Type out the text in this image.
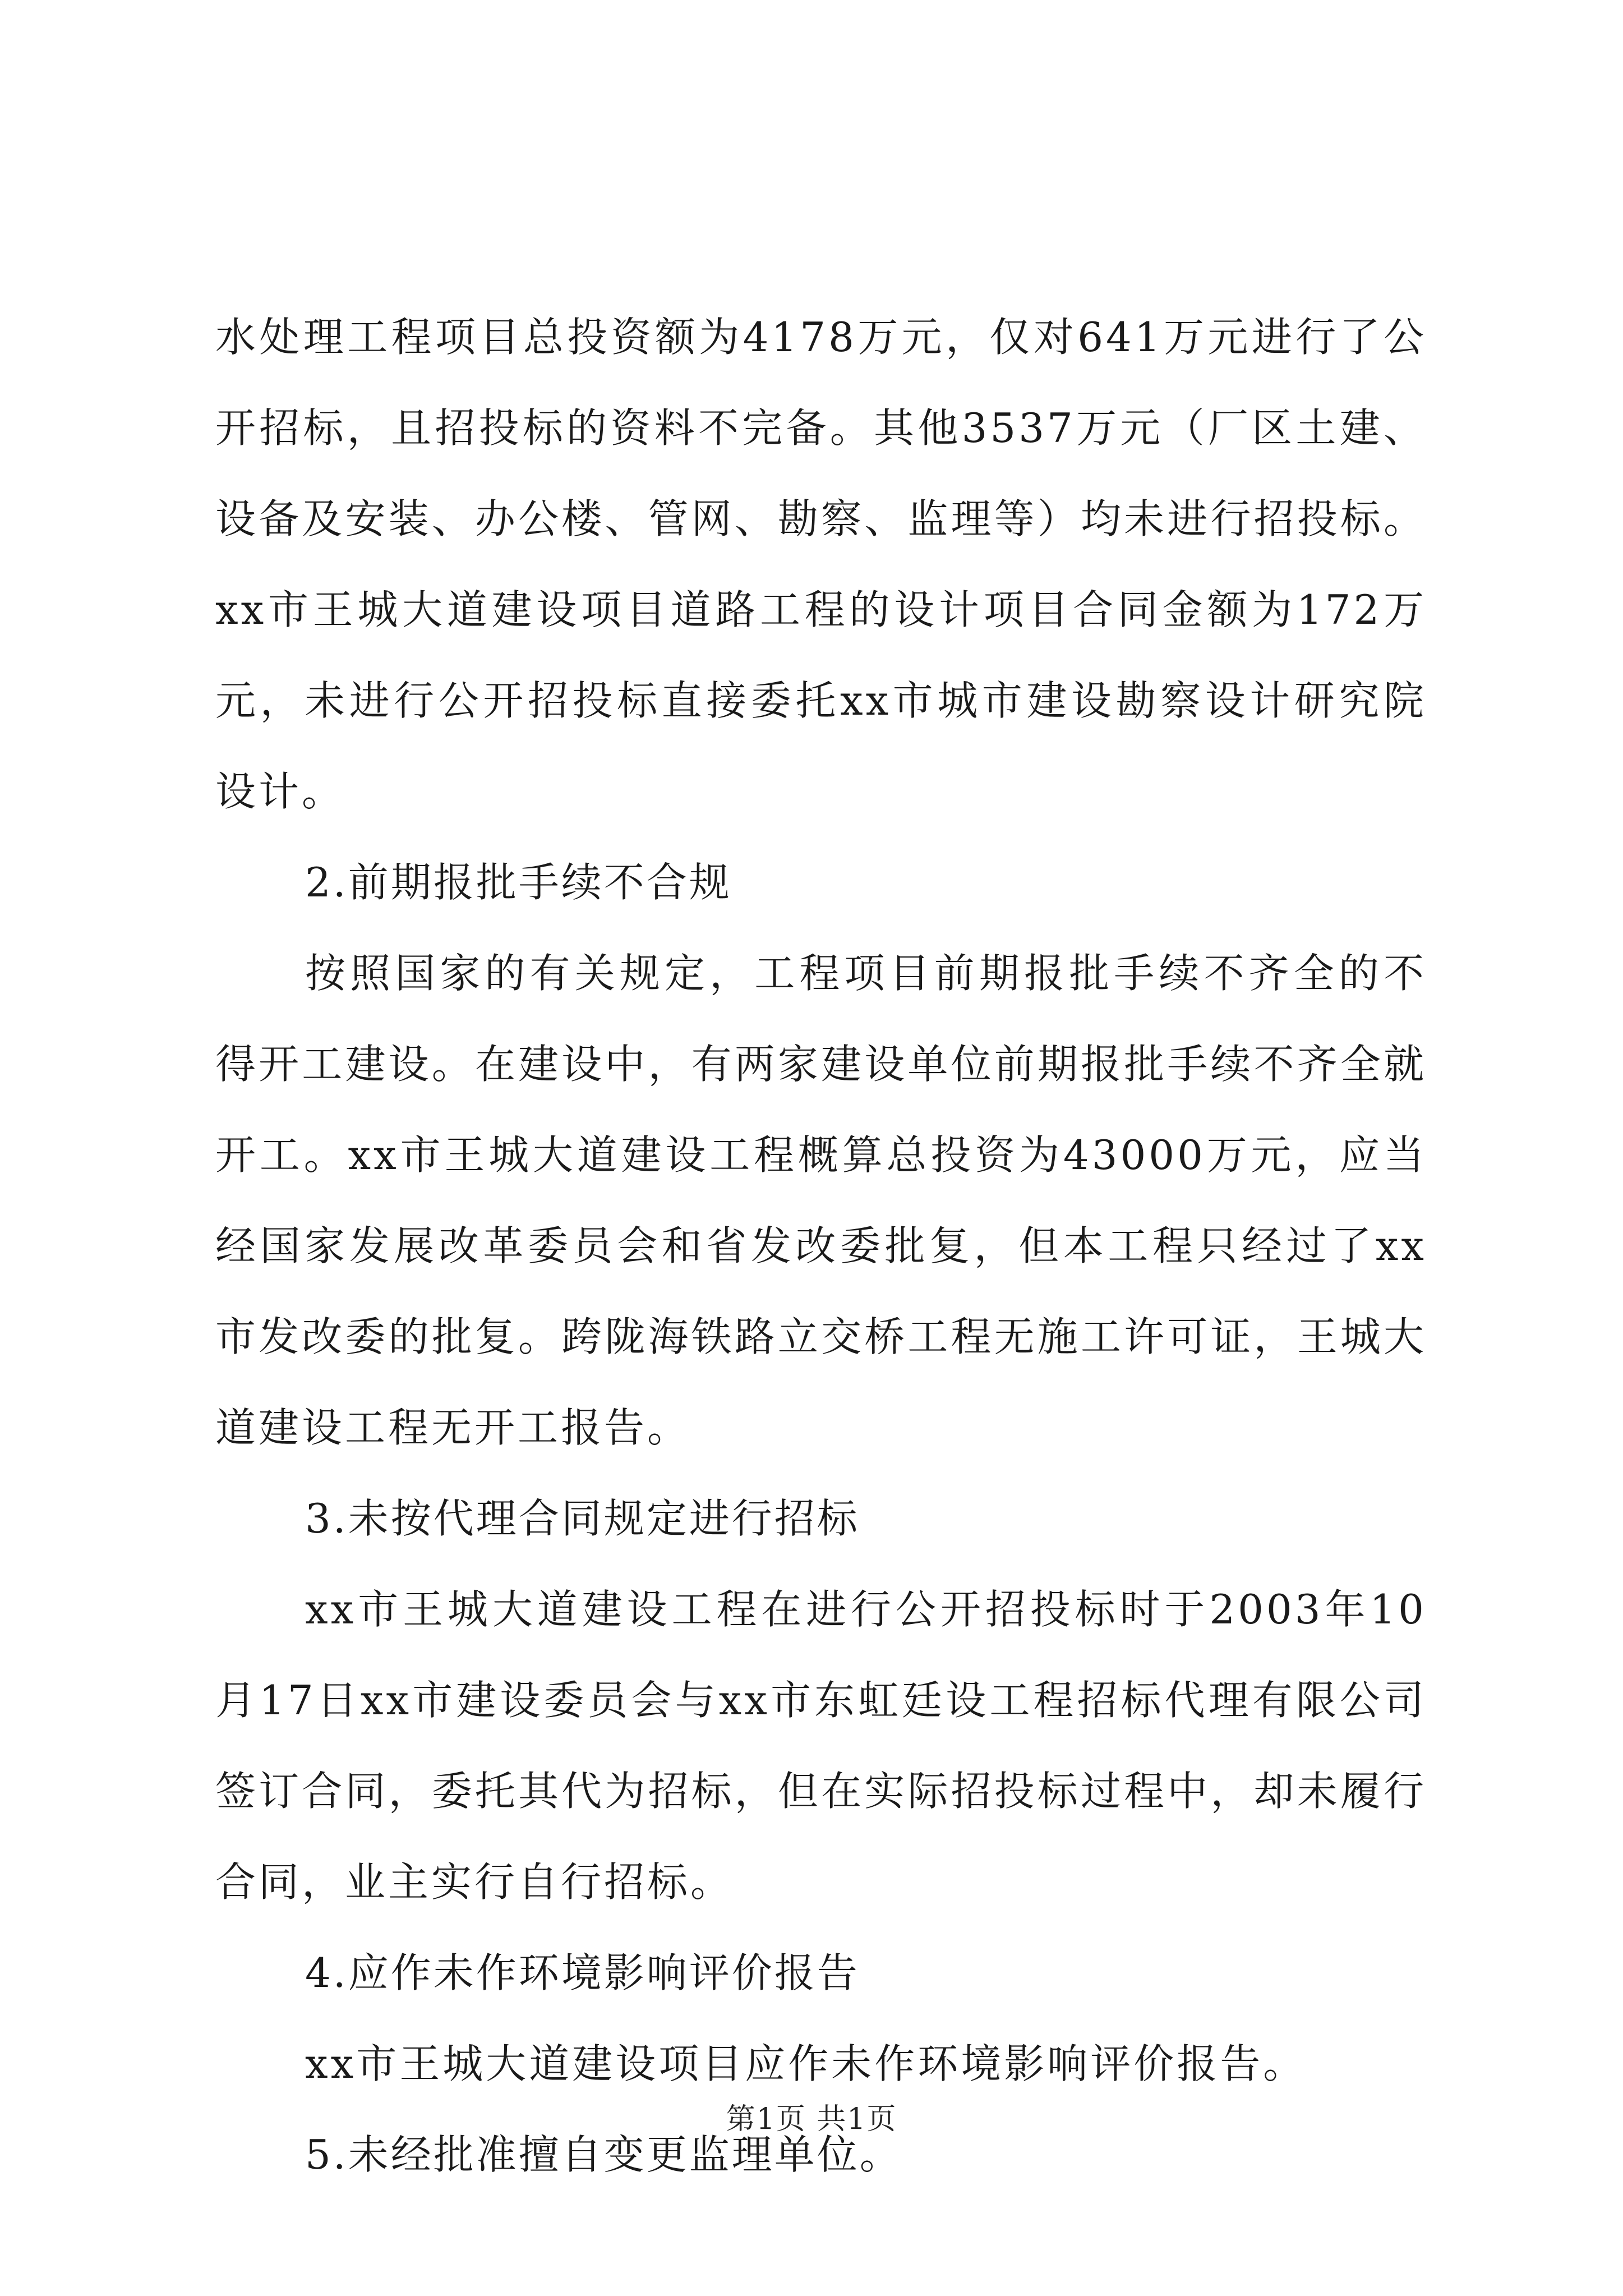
水处理工程项目总投资额为4178万元，仅对641万元进行了公开招标，且招投标的资料不完备。其他3537万元（厂区土建、设备及安装、办公楼、管网、勘察、监理等）均未进行招投标。xx市王城大道建设项目道路工程的设计项目合同金额为172万元，未进行公开招投标直接委托xx市城市建设勘察设计研究院设计。

2.前期报批手续不合规

按照国家的有关规定，工程项目前期报批手续不齐全的不得开工建设。在建设中，有两家建设单位前期报批手续不齐全就开工。xx市王城大道建设工程概算总投资为43000万元，应当经国家发展改革委员会和省发改委批复，但本工程只经过了xx市发改委的批复。跨陇海铁路立交桥工程无施工许可证，王城大道建设工程无开工报告。

3.未按代理合同规定进行招标

xx市王城大道建设工程在进行公开招投标时于2003年10月17日xx市建设委员会与xx市东虹廷设工程招标代理有限公司签订合同，委托其代为招标，但在实际招投标过程中，却未履行合同，业主实行自行招标。

4.应作未作环境影响评价报告

xx市王城大道建设项目应作未作环境影响评价报告。

5.未经批准擅自变更监理单位。

第1页 共1页
